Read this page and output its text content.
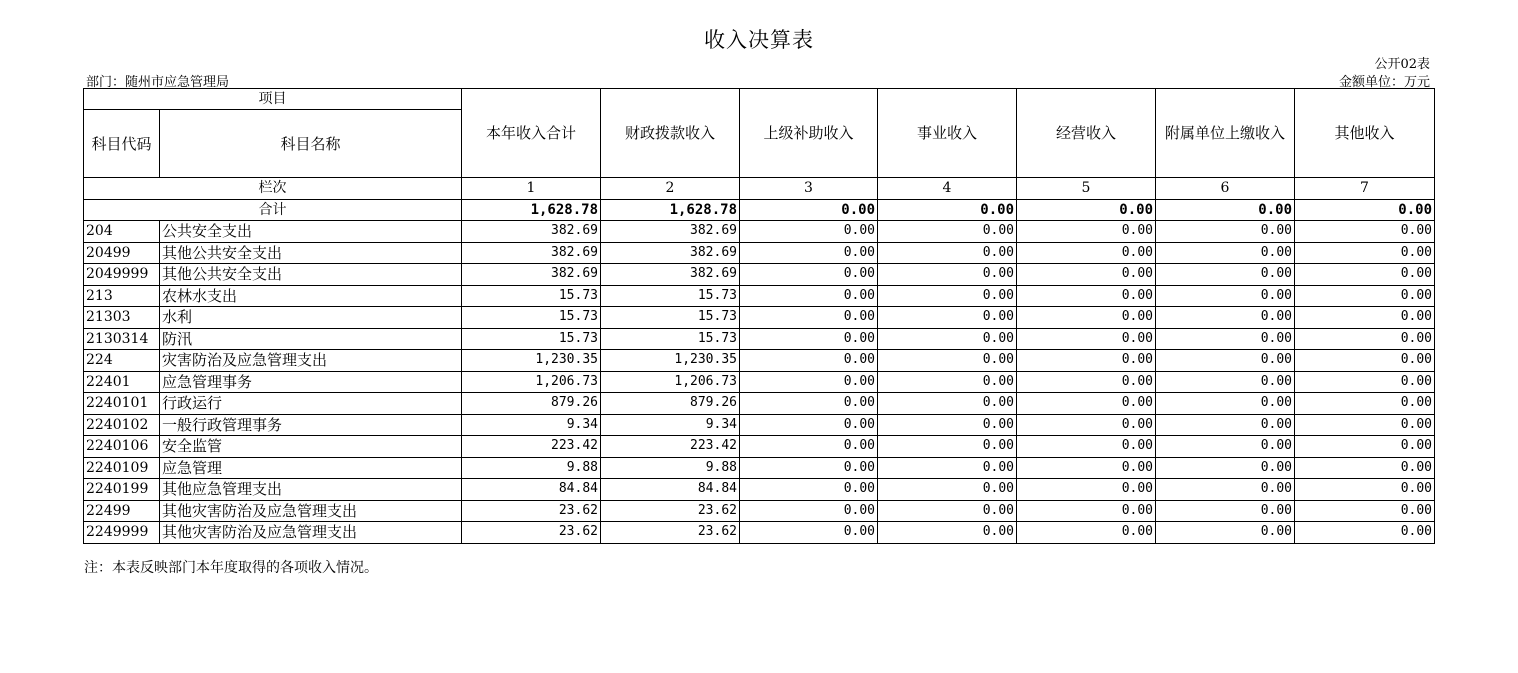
收入决算表
公开02表
部门：随州市应急管理局	金额单位：万元
项目		本年收入合计	财政拨款收入	上级补助收入	事业收入	经营收入	附属单位上缴收入	其他收入
科目代码	科目名称							
栏次		1	2	3	4	5	6	7
合计		1,628.78	1,628.78	0.00	0.00	0.00	0.00	0.00
204	公共安全支出	382.69	382.69	0.00	0.00	0.00	0.00	0.00
20499	其他公共安全支出	382.69	382.69	0.00	0.00	0.00	0.00	0.00
2049999	其他公共安全支出	382.69	382.69	0.00	0.00	0.00	0.00	0.00
213	农林水支出	15.73	15.73	0.00	0.00	0.00	0.00	0.00
21303	水利	15.73	15.73	0.00	0.00	0.00	0.00	0.00
2130314	防汛	15.73	15.73	0.00	0.00	0.00	0.00	0.00
224	灾害防治及应急管理支出	1,230.35	1,230.35	0.00	0.00	0.00	0.00	0.00
22401	应急管理事务	1,206.73	1,206.73	0.00	0.00	0.00	0.00	0.00
2240101	行政运行	879.26	879.26	0.00	0.00	0.00	0.00	0.00
2240102	一般行政管理事务	9.34	9.34	0.00	0.00	0.00	0.00	0.00
2240106	安全监管	223.42	223.42	0.00	0.00	0.00	0.00	0.00
2240109	应急管理	9.88	9.88	0.00	0.00	0.00	0.00	0.00
2240199	其他应急管理支出	84.84	84.84	0.00	0.00	0.00	0.00	0.00
22499	其他灾害防治及应急管理支出	23.62	23.62	0.00	0.00	0.00	0.00	0.00
2249999	其他灾害防治及应急管理支出	23.62	23.62	0.00	0.00	0.00	0.00	0.00
注：本表反映部门本年度取得的各项收入情况。
